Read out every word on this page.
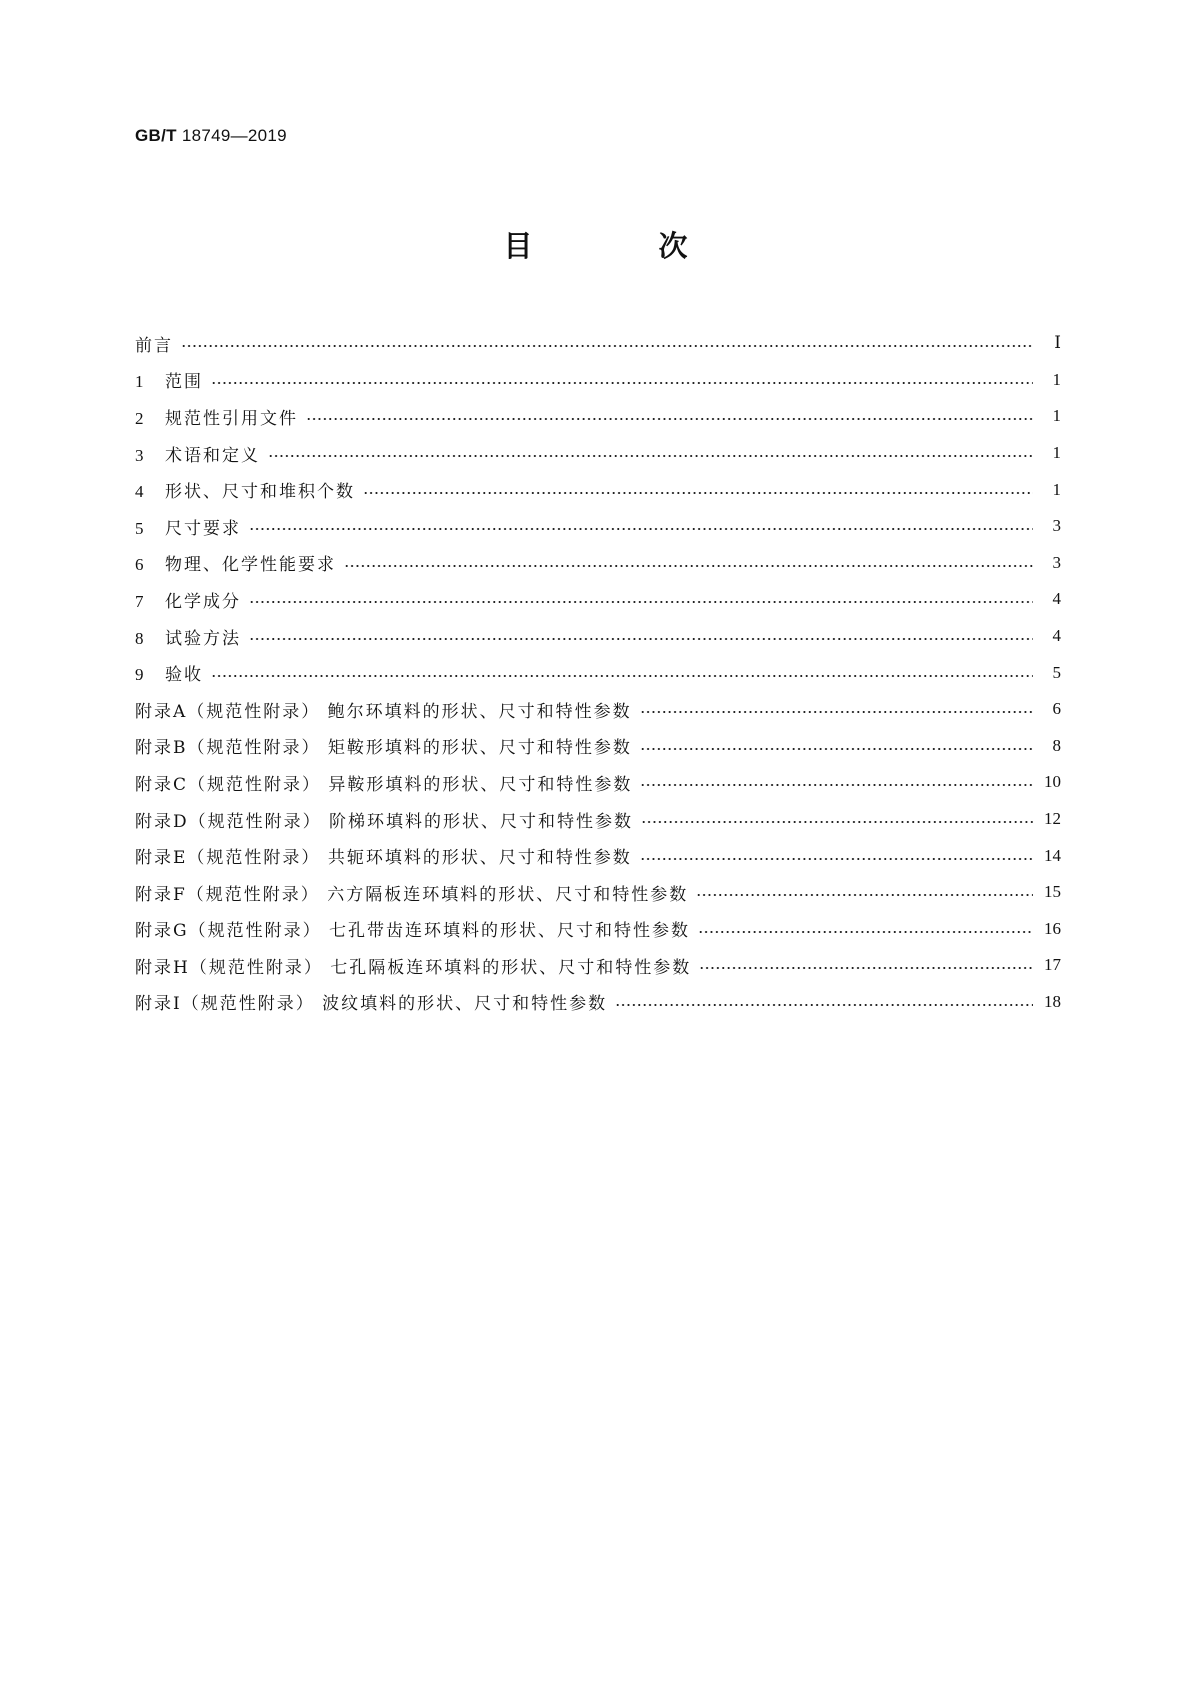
GB/T 18749—2019
目 次
前言	Ⅰ
1 范围	1
2 规范性引用文件	1
3 术语和定义	1
4 形状、尺寸和堆积个数	1
5 尺寸要求	3
6 物理、化学性能要求	3
7 化学成分	4
8 试验方法	4
9 验收	5
附录A（规范性附录） 鲍尔环填料的形状、尺寸和特性参数	6
附录B（规范性附录） 矩鞍形填料的形状、尺寸和特性参数	8
附录C（规范性附录） 异鞍形填料的形状、尺寸和特性参数	10
附录D（规范性附录） 阶梯环填料的形状、尺寸和特性参数	12
附录E（规范性附录） 共轭环填料的形状、尺寸和特性参数	14
附录F（规范性附录） 六方隔板连环填料的形状、尺寸和特性参数	15
附录G（规范性附录） 七孔带齿连环填料的形状、尺寸和特性参数	16
附录H（规范性附录） 七孔隔板连环填料的形状、尺寸和特性参数	17
附录I（规范性附录） 波纹填料的形状、尺寸和特性参数	18
